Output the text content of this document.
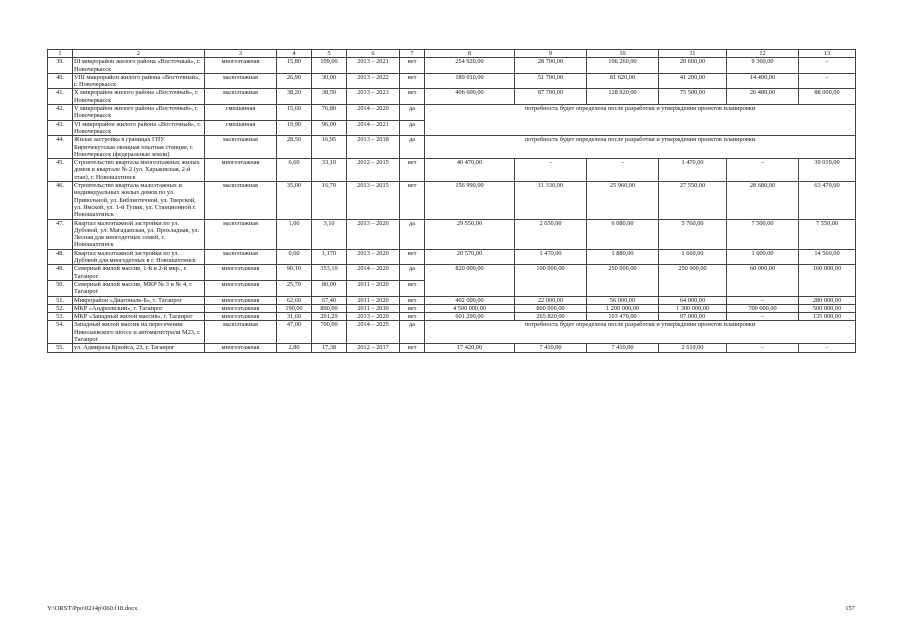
1	2	3	4	5	6	7	8	9	10	11	12	13
39.	III микрорайон жилого района «Восточный», г. Новочеркасск	многоэтажная	15,80	109,00	2013 – 2021	нет	254 920,00	28 700,00	196 260,00	20 600,00	9 360,00	–
40.	VIII микрорайон жилого района «Восточный», г. Новочеркасск	малоэтажная	26,90	30,00	2013 – 2022	нет	189 010,00	51 700,00	81 620,00	41 200,00	14 490,00	–
41.	X микрорайон жилого района «Восточный», г. Новочеркасск	малоэтажная	38,20	38,50	2013 – 2023	нет	406 600,00	87 700,00	128 920,00	75 500,00	26 480,00	88 000,00
42.	V микрорайон жилого района «Восточный», г. Новочеркасск	смешанная	15,60	76,80	2014 – 2020	да	потребность будет определена после разработки и утверждения проектов планировки					
43.	VI микрорайон жилого района «Восточный», г. Новочеркасск	смешанная	19,90	96,00	2014 – 2021	да						
44.	Жилая застройка в границах ГНУ Бирючекутская овощная опытная станция, г. Новочеркасск (федеральные земли)	малоэтажная	28,50	16,95	2013 – 2018	да	потребность будет определена после разработки и утверждения проектов планировки					
45.	Строительство квартала многоэтажных жилых домов в квартале № 2 (ул. Харьковская, 2-й этап), г. Новошахтинск	многоэтажная	6,60	33,10	2012 – 2015	нет	40 470,00	–	–	1 470,00	–	39 010,00
46.	Строительство квартала малоэтажных и индивидуальных жилых домов по ул. Привольной, ул. Библиотечной, ул. Тверской, ул. Ямской, ул. 1-й Тупик, ул. Станционной г. Новошахтинск	малоэтажная	35,00	16,70	2013 – 2015	нет	156 990,00	11 330,00	25 960,00	27 550,00	28 680,00	63 470,00
47.	Квартал малоэтажной застройки по ул. Дубовой, ул. Магаданская, ул. Прохладная, ул. Лесная для многодетных семей, г. Новошахтинск	малоэтажная	1,00	3,10	2013 – 2020	да	29 550,00	2 650,00	6 080,00	5 760,00	7 500,00	7 550,00
48.	Квартал малоэтажной застройки по ул. Дубовой для многодетных в г. Новошахтинск	малоэтажная	0,60	1,170	2013 – 2020	нет	20 570,00	1 470,00	1 880,00	1 660,00	1 600,00	14 560,00
49.	Северный жилой массив, 1-й и 2-й мкр., г. Таганрог	многоэтажная	90,10	353,10	2014 – 2020	да	820 000,00	100 000,00	250 000,00	250 000,00	60 000,00	160 000,00
50.	Северный жилой массив, МКР № 3 и № 4, г. Таганрог	многоэтажная	25,70	80,00	2011 – 2020	нет						
51.	Микрорайон «Диагональ-Б», г. Таганрог	многоэтажная	62,60	67,40	2011 – 2020	нет	402 000,00	22 000,00	56 000,00	64 000,00	–	280 000,00
52.	МКР «Андреевский», г. Таганрог	многоэтажная	190,00	890,00	2011 – 2030	нет	4 500 000,00	800 000,00	1 200 000,00	1 300 000,00	700 000,00	500 000,00
53.	МКР «Западный жилой массив», г. Таганрог	многоэтажная	31,60	291,29	2013 – 2020	нет	601 290,00	265 820,00	103 470,00	97 000,00	–	135 000,00
54.	Западный жилой массив на пересечении Николаевского шоссе и автомагистрали М23, г. Таганрог	малоэтажная	47,00	700,00	2014 – 2025	да	потребность будет определена после разработки и утверждения проектов планировки					
55.	ул. Адмирала Крюйса, 23, г. Таганрог	многоэтажная	2,80	17,38	2012 – 2017	нет	17 420,00	7 410,00	7 410,00	2 610,00	–	–
Y:\ORST\Ppo\0214p\060.f18.docx	157
